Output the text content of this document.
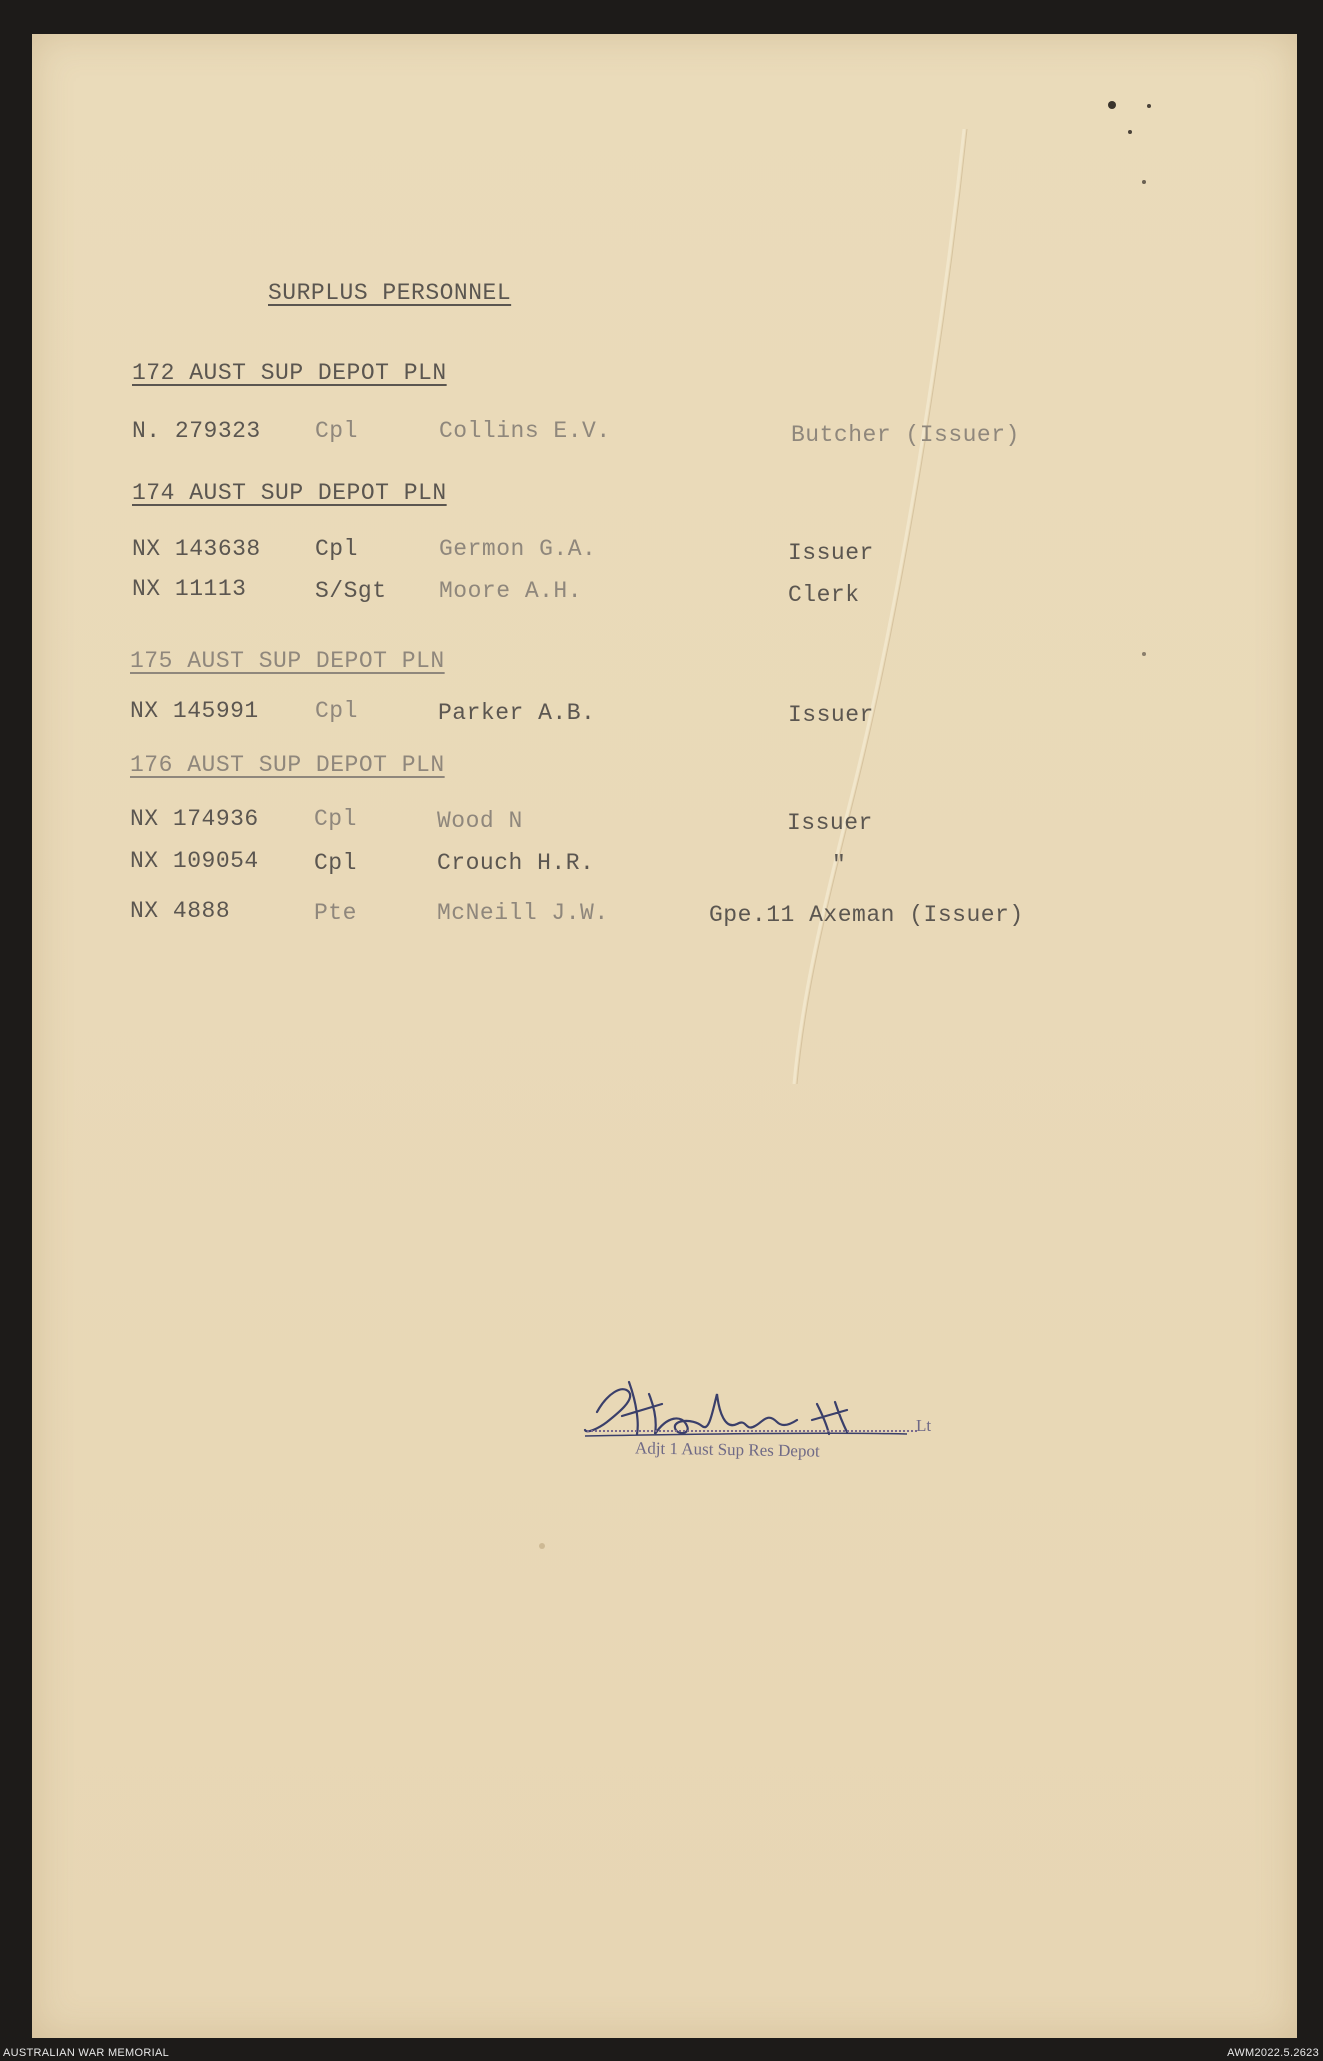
SURPLUS PERSONNEL
172 AUST SUP DEPOT PLN
N. 279323 Cpl	Collins E.V.	Butcher (Issuer)
174 AUST SUP DEPOT PLN
NX 143638 Cpl	Germon G.A.	Issuer
NX 11113	S/Sgt Moore A.H.	Clerk
175 AUST SUP DEPOT PLN
NX 145991 Cpl	Parker A.B.	Issuer
176 AUST SUP DEPOT PLN
NX 174936 Cpl	Wood N	Issuer
NX 109054 Cpl	Crouch H.R.	"
NX 4888	Pte	McNeill J.W.	Gpe.11 Axeman (Issuer)
Lt
Adjt 1 Aust Sup Res Depot
AUSTRALIAN WAR MEMORIAL	AWM2022.5.2623
